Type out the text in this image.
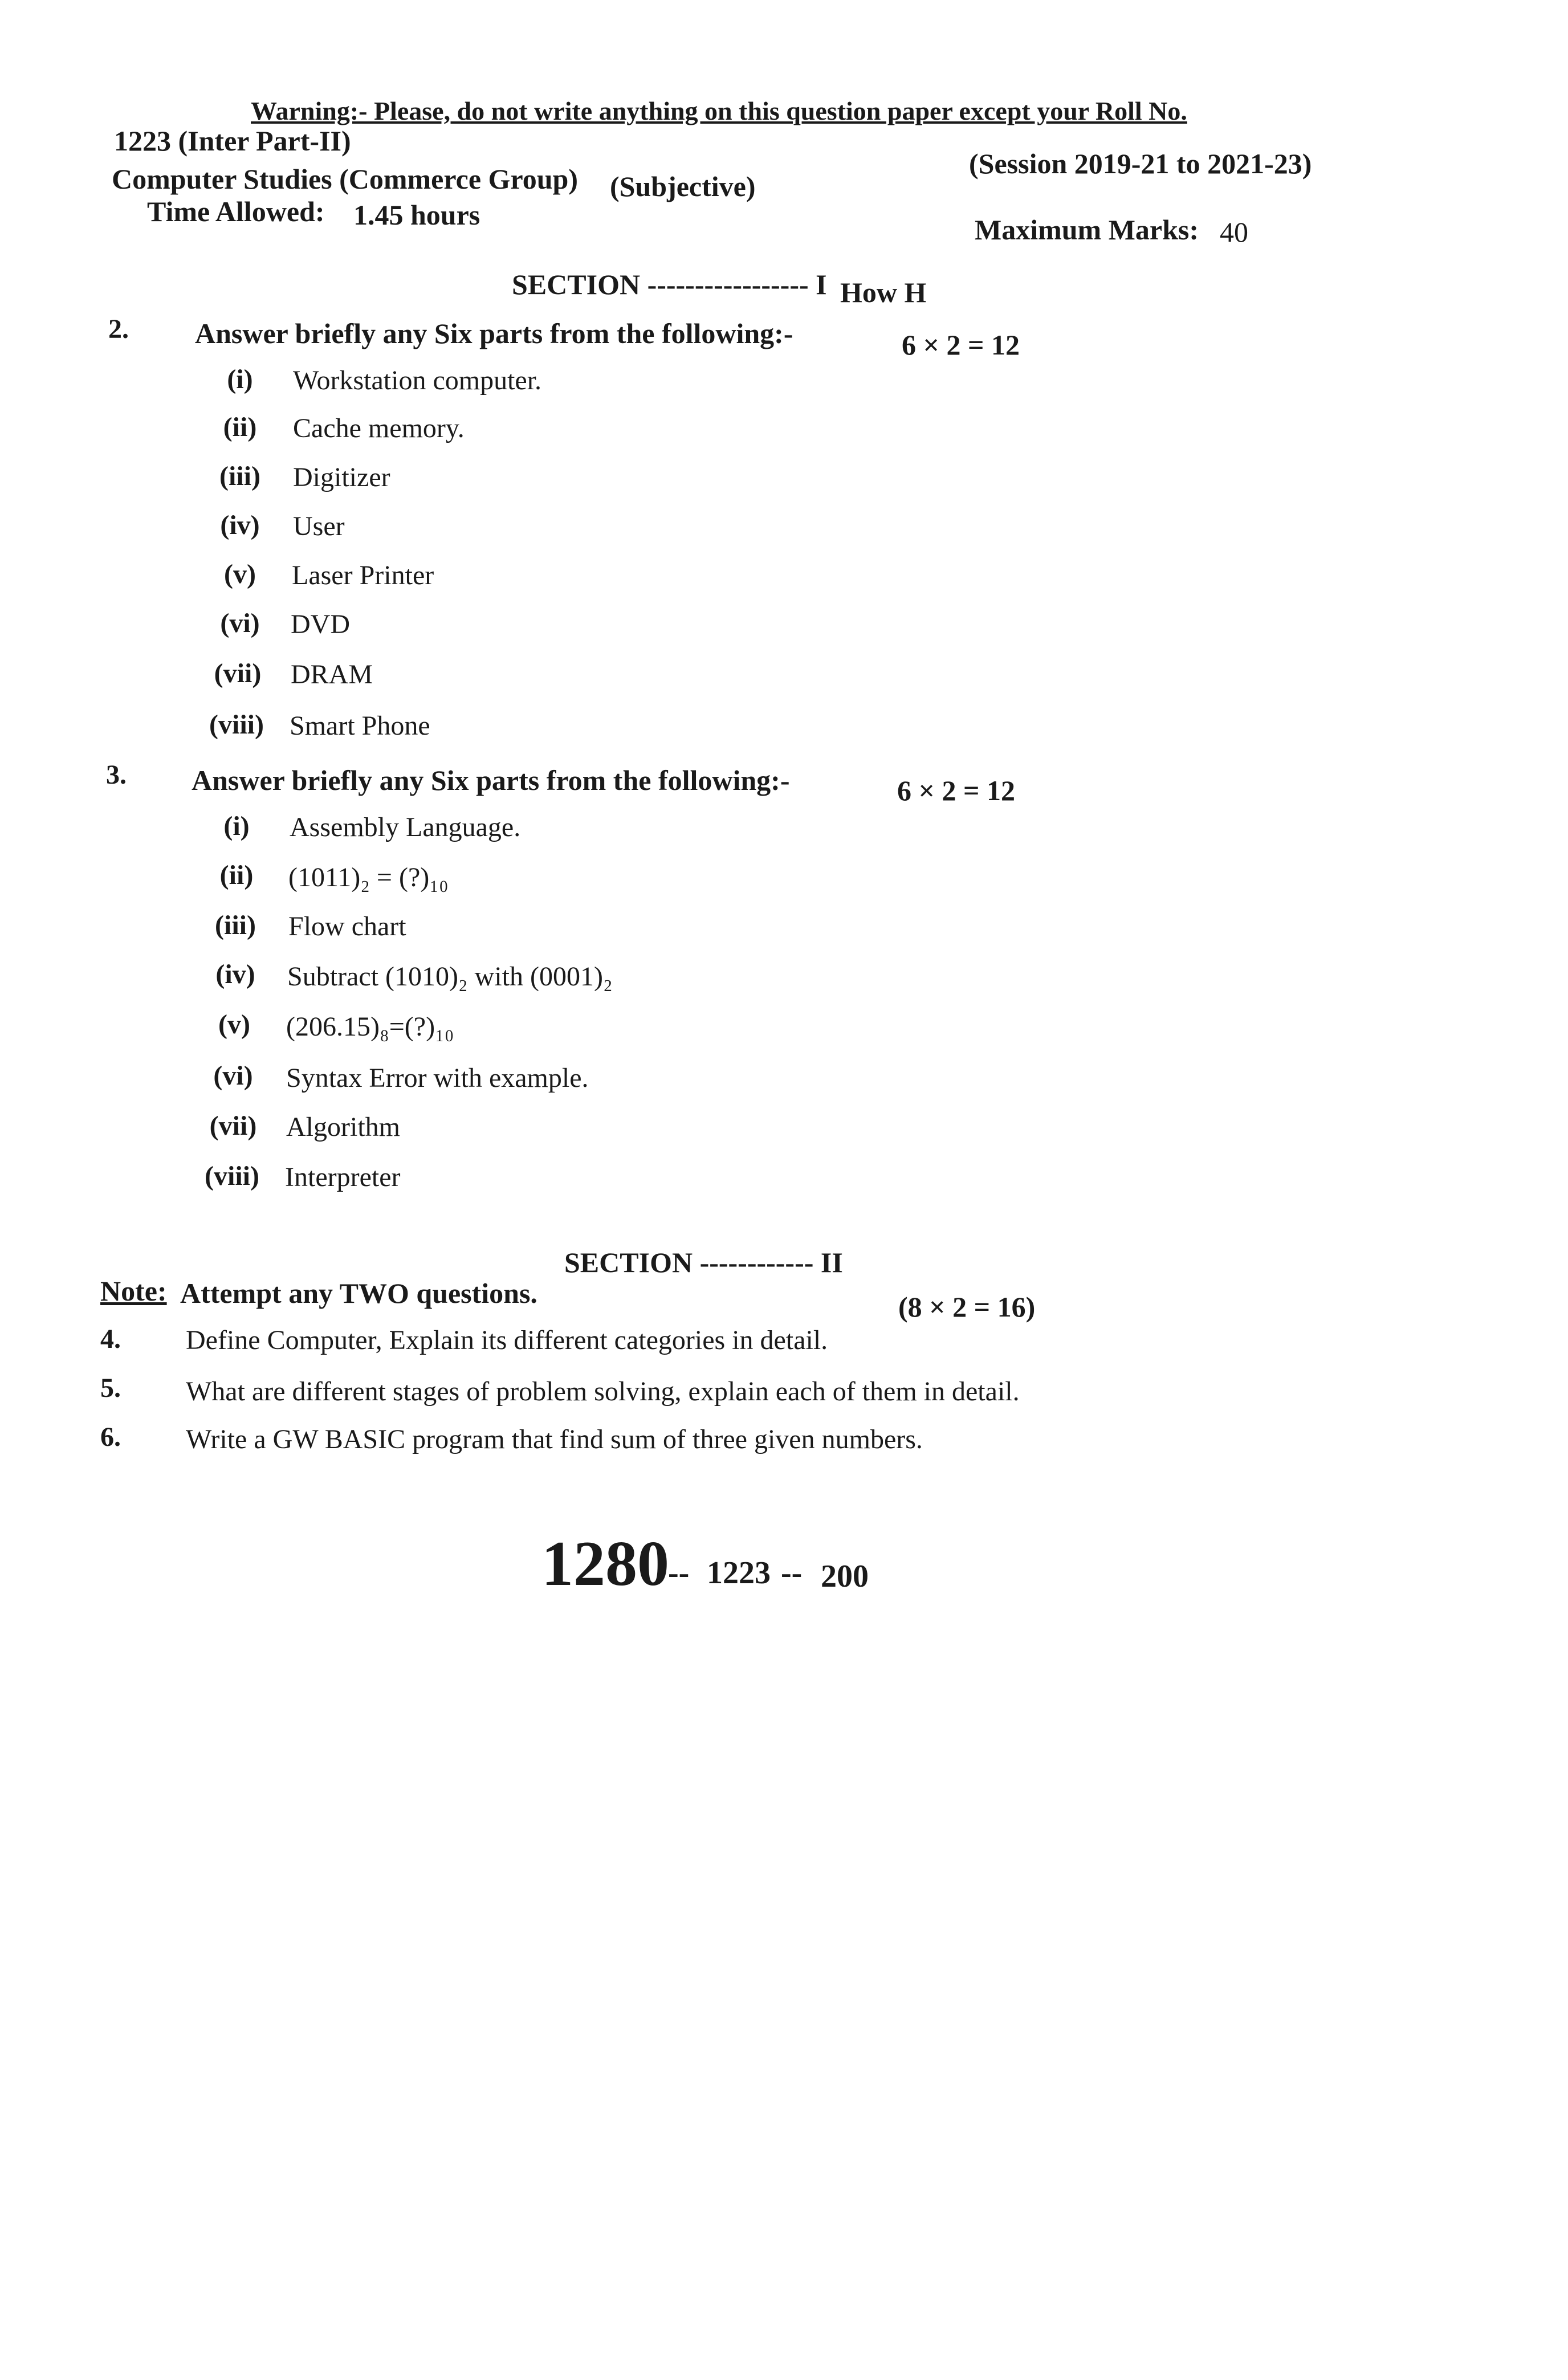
Warning:- Please, do not write anything on this question paper except your Roll No.
1223 (Inter Part-II)
(Session 2019-21 to 2021-23)
Computer Studies (Commerce Group) (Subjective)
Time Allowed: 1.45 hours	Maximum Marks: 40
SECTION ----------------- I How H
2. Answer briefly any Six parts from the following:-	6 × 2 = 12
(i)	Workstation computer.
(ii)	Cache memory.
(iii)	Digitizer
(iv)	User
(v)	Laser Printer
(vi)	DVD
(vii)	DRAM
(viii) Smart Phone
3. Answer briefly any Six parts from the following:-	6 × 2 = 12
(i)	Assembly Language.
(ii)	(1011)₂ = (?)₁₀
(iii)	Flow chart
(iv)	Subtract (1010)₂ with (0001)₂
(v)	(206.15)₈=(?)₁₀
(vi)	Syntax Error with example.
(vii)	Algorithm
(viii) Interpreter
SECTION ------------ II
Note: Attempt any TWO questions.	(8 × 2 = 16)
4. Define Computer, Explain its different categories in detail.
5. What are different stages of problem solving, explain each of them in detail.
6. Write a GW BASIC program that find sum of three given numbers.
1280
-- 1223 -- 200
